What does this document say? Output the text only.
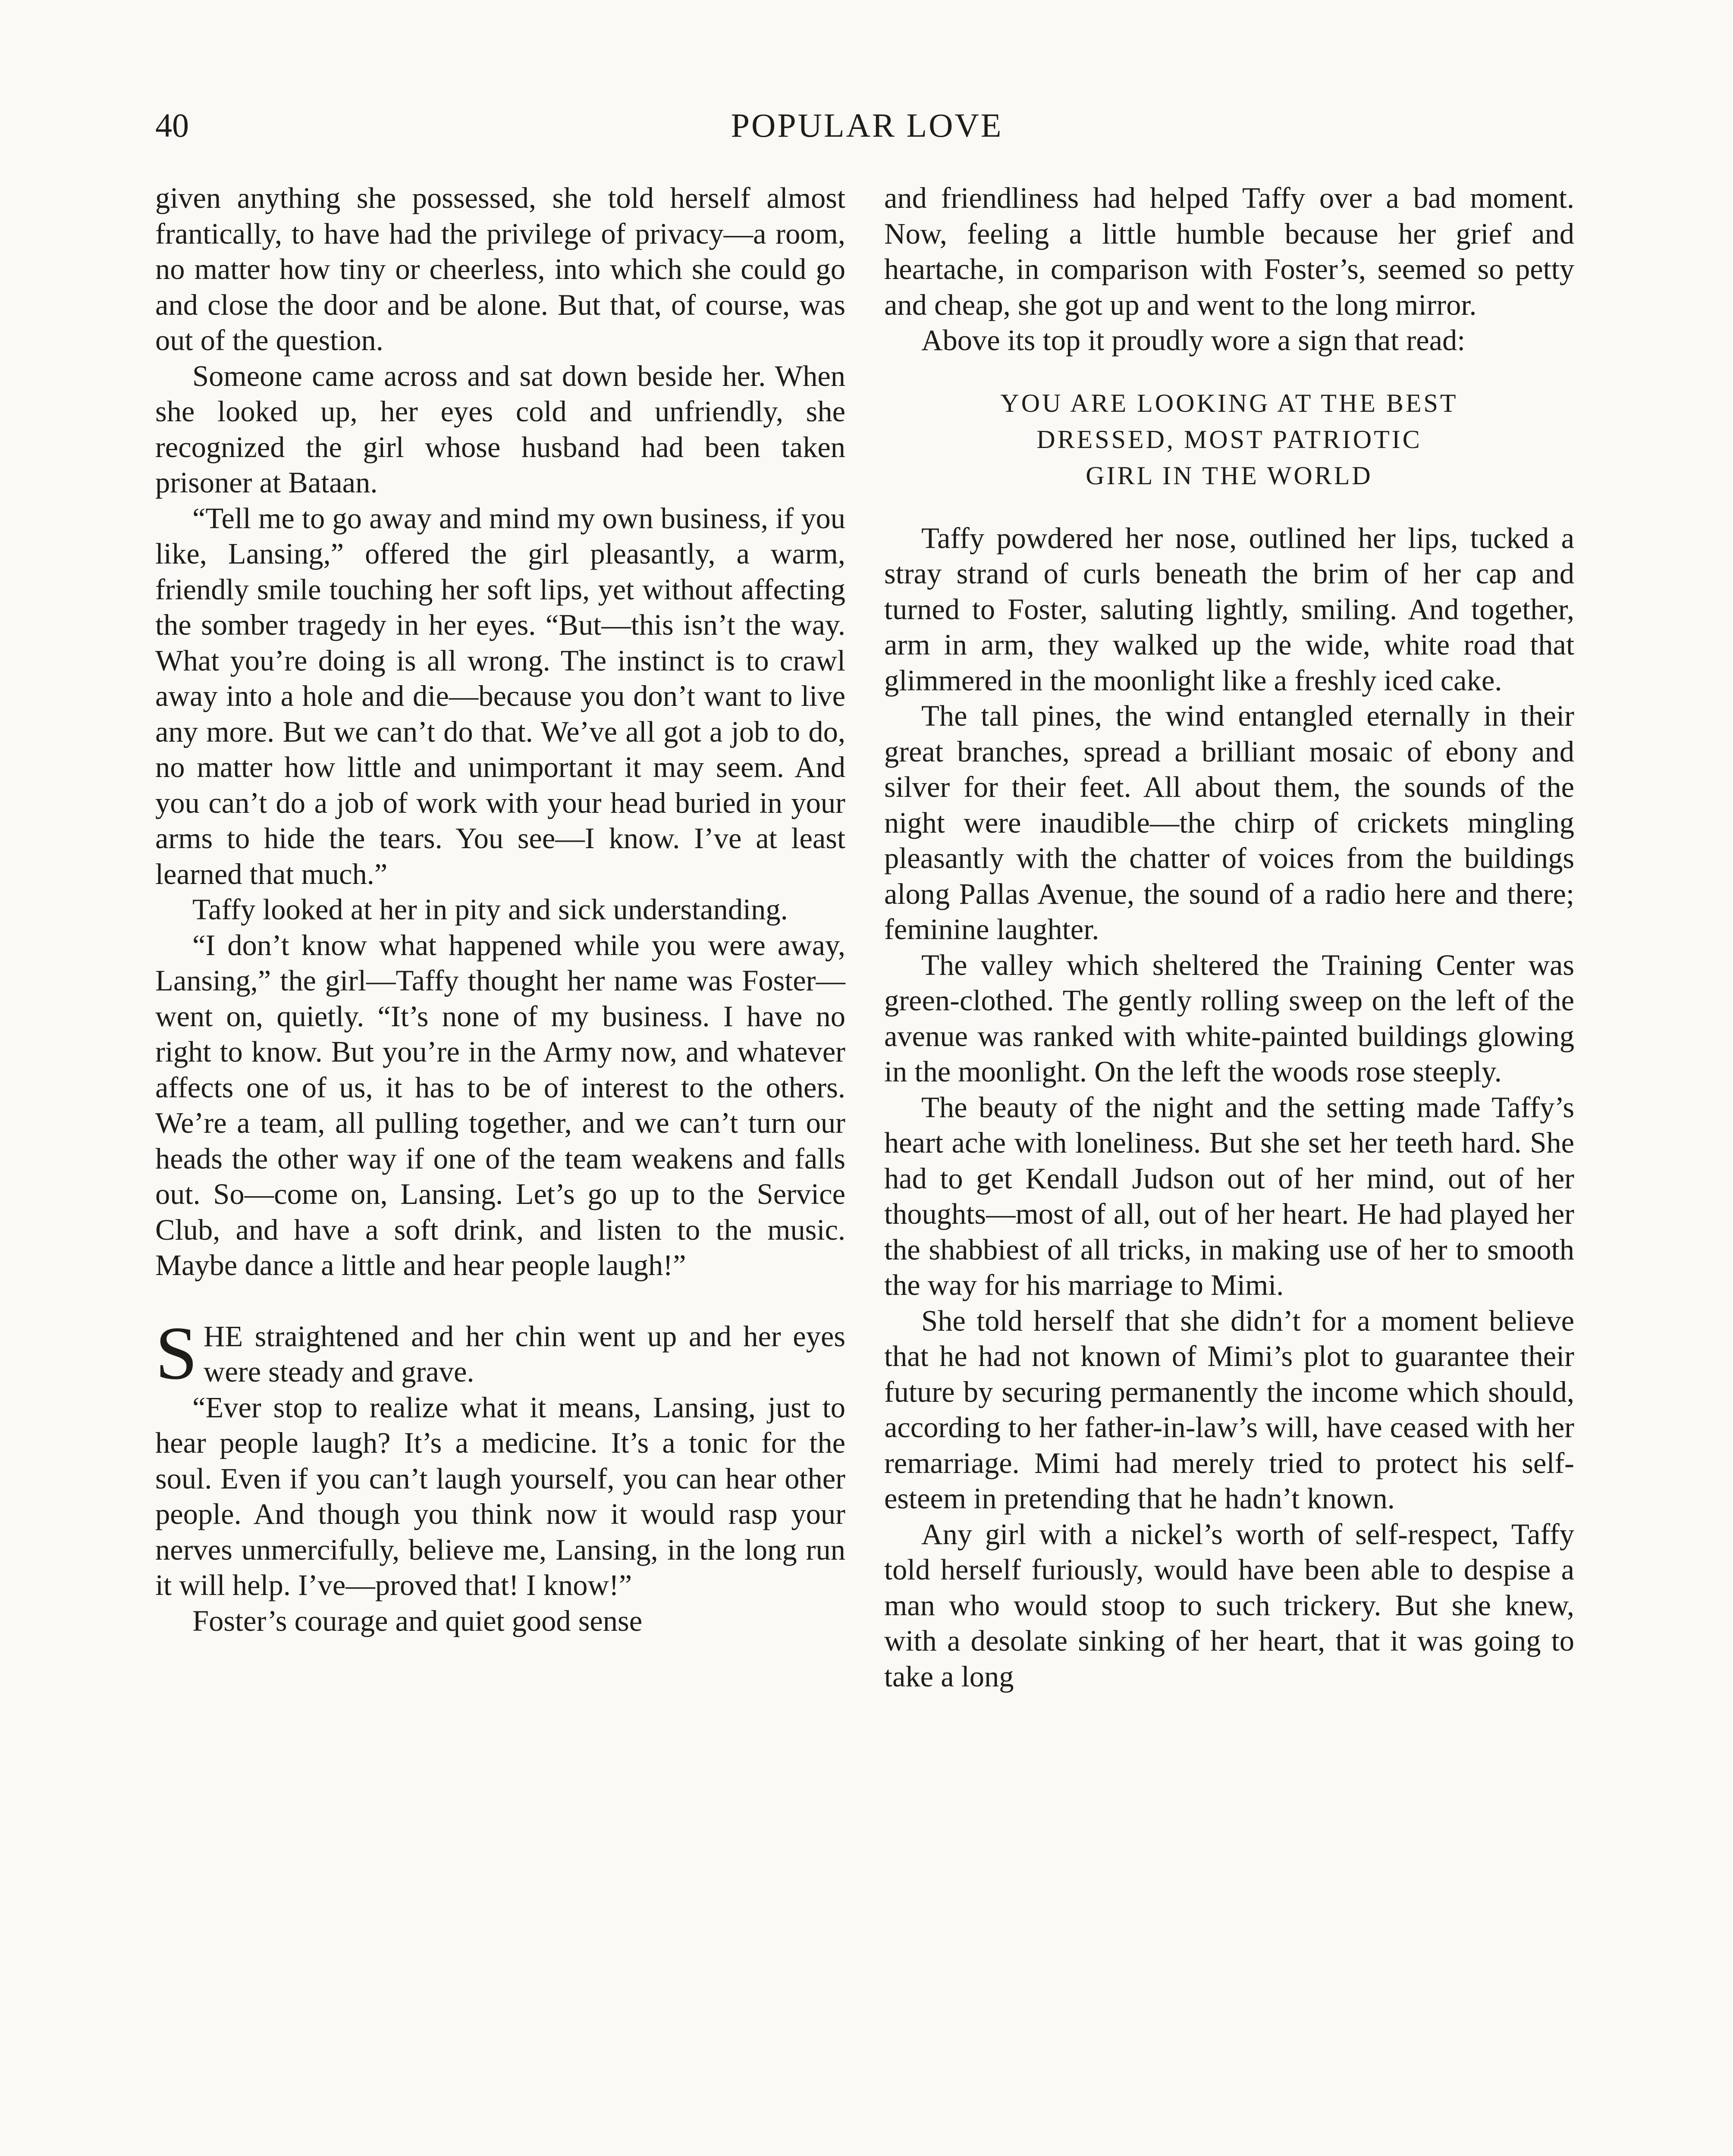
40	POPULAR LOVE

given anything she possessed, she told herself almost frantically, to have had the privilege of privacy—a room, no matter how tiny or cheerless, into which she could go and close the door and be alone. But that, of course, was out of the question.

Someone came across and sat down beside her. When she looked up, her eyes cold and unfriendly, she recognized the girl whose husband had been taken prisoner at Bataan.

“Tell me to go away and mind my own business, if you like, Lansing,” offered the girl pleasantly, a warm, friendly smile touching her soft lips, yet without affecting the somber tragedy in her eyes. “But—this isn’t the way. What you’re doing is all wrong. The instinct is to crawl away into a hole and die—because you don’t want to live any more. But we can’t do that. We’ve all got a job to do, no matter how little and unimportant it may seem. And you can’t do a job of work with your head buried in your arms to hide the tears. You see—I know. I’ve at least learned that much.”

Taffy looked at her in pity and sick understanding.

“I don’t know what happened while you were away, Lansing,” the girl—Taffy thought her name was Foster—went on, quietly. “It’s none of my business. I have no right to know. But you’re in the Army now, and whatever affects one of us, it has to be of interest to the others. We’re a team, all pulling together, and we can’t turn our heads the other way if one of the team weakens and falls out. So—come on, Lansing. Let’s go up to the Service Club, and have a soft drink, and listen to the music. Maybe dance a little and hear people laugh!”

SHE straightened and her chin went up and her eyes were steady and grave.

“Ever stop to realize what it means, Lansing, just to hear people laugh? It’s a medicine. It’s a tonic for the soul. Even if you can’t laugh yourself, you can hear other people. And though you think now it would rasp your nerves unmercifully, believe me, Lansing, in the long run it will help. I’ve—proved that! I know!”

Foster’s courage and quiet good sense

and friendliness had helped Taffy over a bad moment. Now, feeling a little humble because her grief and heartache, in comparison with Foster’s, seemed so petty and cheap, she got up and went to the long mirror.

Above its top it proudly wore a sign that read:

YOU ARE LOOKING AT THE BEST
DRESSED, MOST PATRIOTIC
GIRL IN THE WORLD

Taffy powdered her nose, outlined her lips, tucked a stray strand of curls beneath the brim of her cap and turned to Foster, saluting lightly, smiling. And together, arm in arm, they walked up the wide, white road that glimmered in the moonlight like a freshly iced cake.

The tall pines, the wind entangled eternally in their great branches, spread a brilliant mosaic of ebony and silver for their feet. All about them, the sounds of the night were inaudible—the chirp of crickets mingling pleasantly with the chatter of voices from the buildings along Pallas Avenue, the sound of a radio here and there; feminine laughter.

The valley which sheltered the Training Center was green-clothed. The gently rolling sweep on the left of the avenue was ranked with white-painted buildings glowing in the moonlight. On the left the woods rose steeply.

The beauty of the night and the setting made Taffy’s heart ache with loneliness. But she set her teeth hard. She had to get Kendall Judson out of her mind, out of her thoughts—most of all, out of her heart. He had played her the shabbiest of all tricks, in making use of her to smooth the way for his marriage to Mimi.

She told herself that she didn’t for a moment believe that he had not known of Mimi’s plot to guarantee their future by securing permanently the income which should, according to her father-in-law’s will, have ceased with her remarriage. Mimi had merely tried to protect his self-esteem in pretending that he hadn’t known.

Any girl with a nickel’s worth of self-respect, Taffy told herself furiously, would have been able to despise a man who would stoop to such trickery. But she knew, with a desolate sinking of her heart, that it was going to take a long
